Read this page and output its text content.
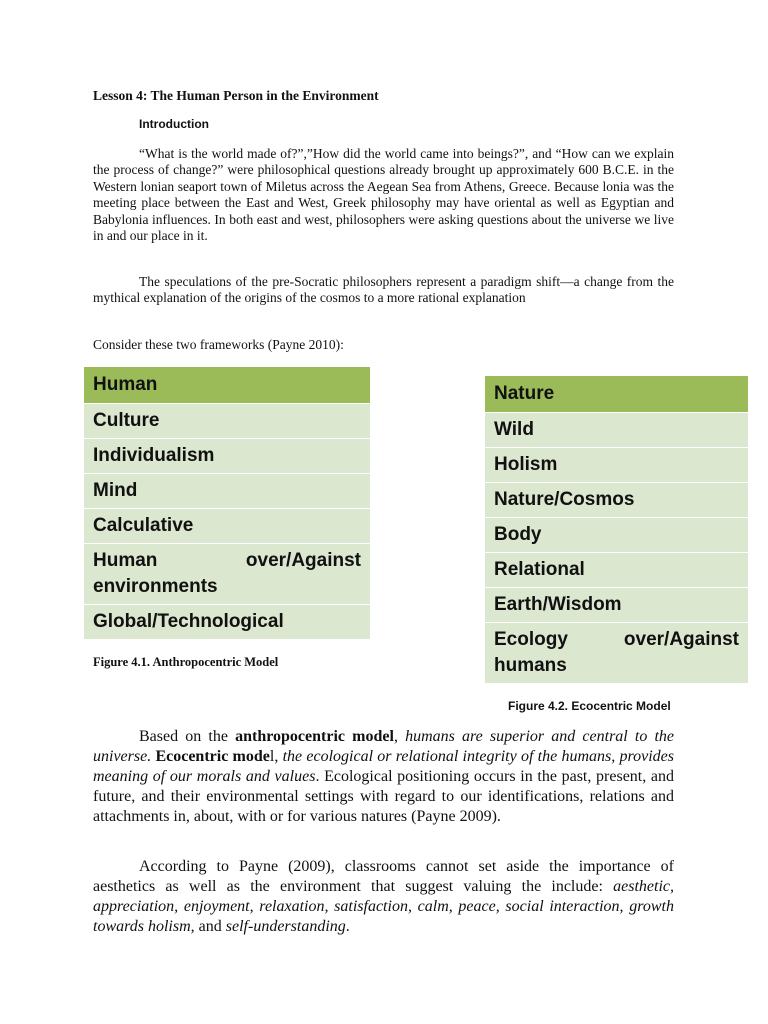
Lesson 4: The Human Person in the Environment
Introduction

“What is the world made of?”,”How did the world came into beings?”, and “How can we explain the process of change?” were philosophical questions already brought up approximately 600 B.C.E. in the Western lonian seaport town of Miletus across the Aegean Sea from Athens, Greece. Because lonia was the meeting place between the East and West, Greek philosophy may have oriental as well as Egyptian and Babylonia influences. In both east and west, philosophers were asking questions about the universe we live in and our place in it.

The speculations of the pre-Socratic philosophers represent a paradigm shift—a change from the mythical explanation of the origins of the cosmos to a more rational explanation

Consider these two frameworks (Payne 2010):
Human
Culture
Individualism
Mind
Calculative

Human	over/Against
environments

Global/Technological
Figure 4.1. Anthropocentric Model
Nature
Wild
Holism
Nature/Cosmos
Body
Relational
Earth/Wisdom

Ecology	over/Against
humans
Figure 4.2. Ecocentric Model

Based on the anthropocentric model, humans are superior and central to the universe. Ecocentric model, the ecological or relational integrity of the humans, provides meaning of our morals and values. Ecological positioning occurs in the past, present, and future, and their environmental settings with regard to our identifications, relations and attachments in, about, with or for various natures (Payne 2009).

According to Payne (2009), classrooms cannot set aside the importance of aesthetics as well as the environment that suggest valuing the include: aesthetic, appreciation, enjoyment, relaxation, satisfaction, calm, peace, social interaction, growth towards holism, and self-understanding.
